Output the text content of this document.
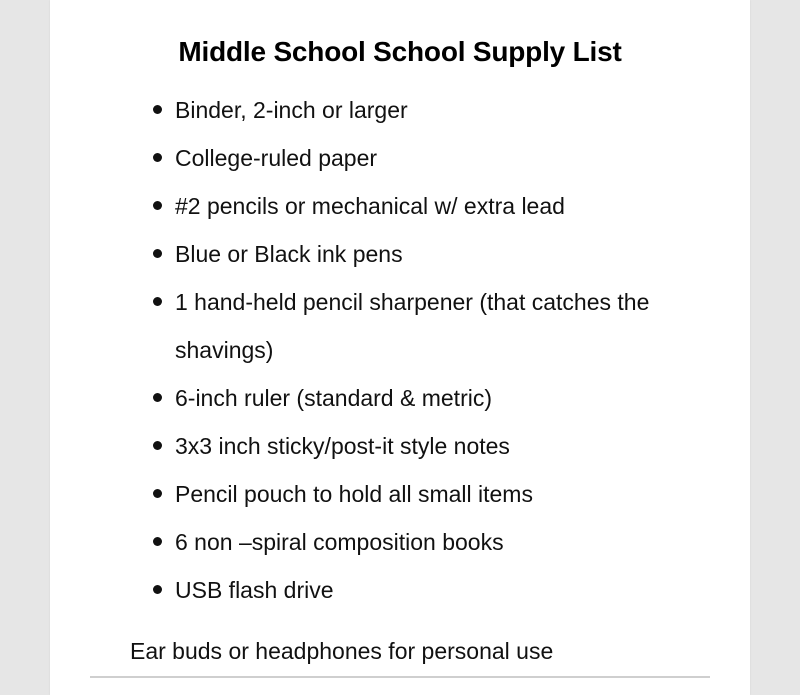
Middle School School Supply List
Binder, 2-inch or larger
College-ruled paper
#2 pencils or mechanical w/ extra lead
Blue or Black ink pens
1 hand-held pencil sharpener (that catches the shavings)
6-inch ruler (standard & metric)
3x3 inch sticky/post-it style notes
Pencil pouch to hold all small items
6 non –spiral composition books
USB flash drive

Ear buds or headphones for personal use
